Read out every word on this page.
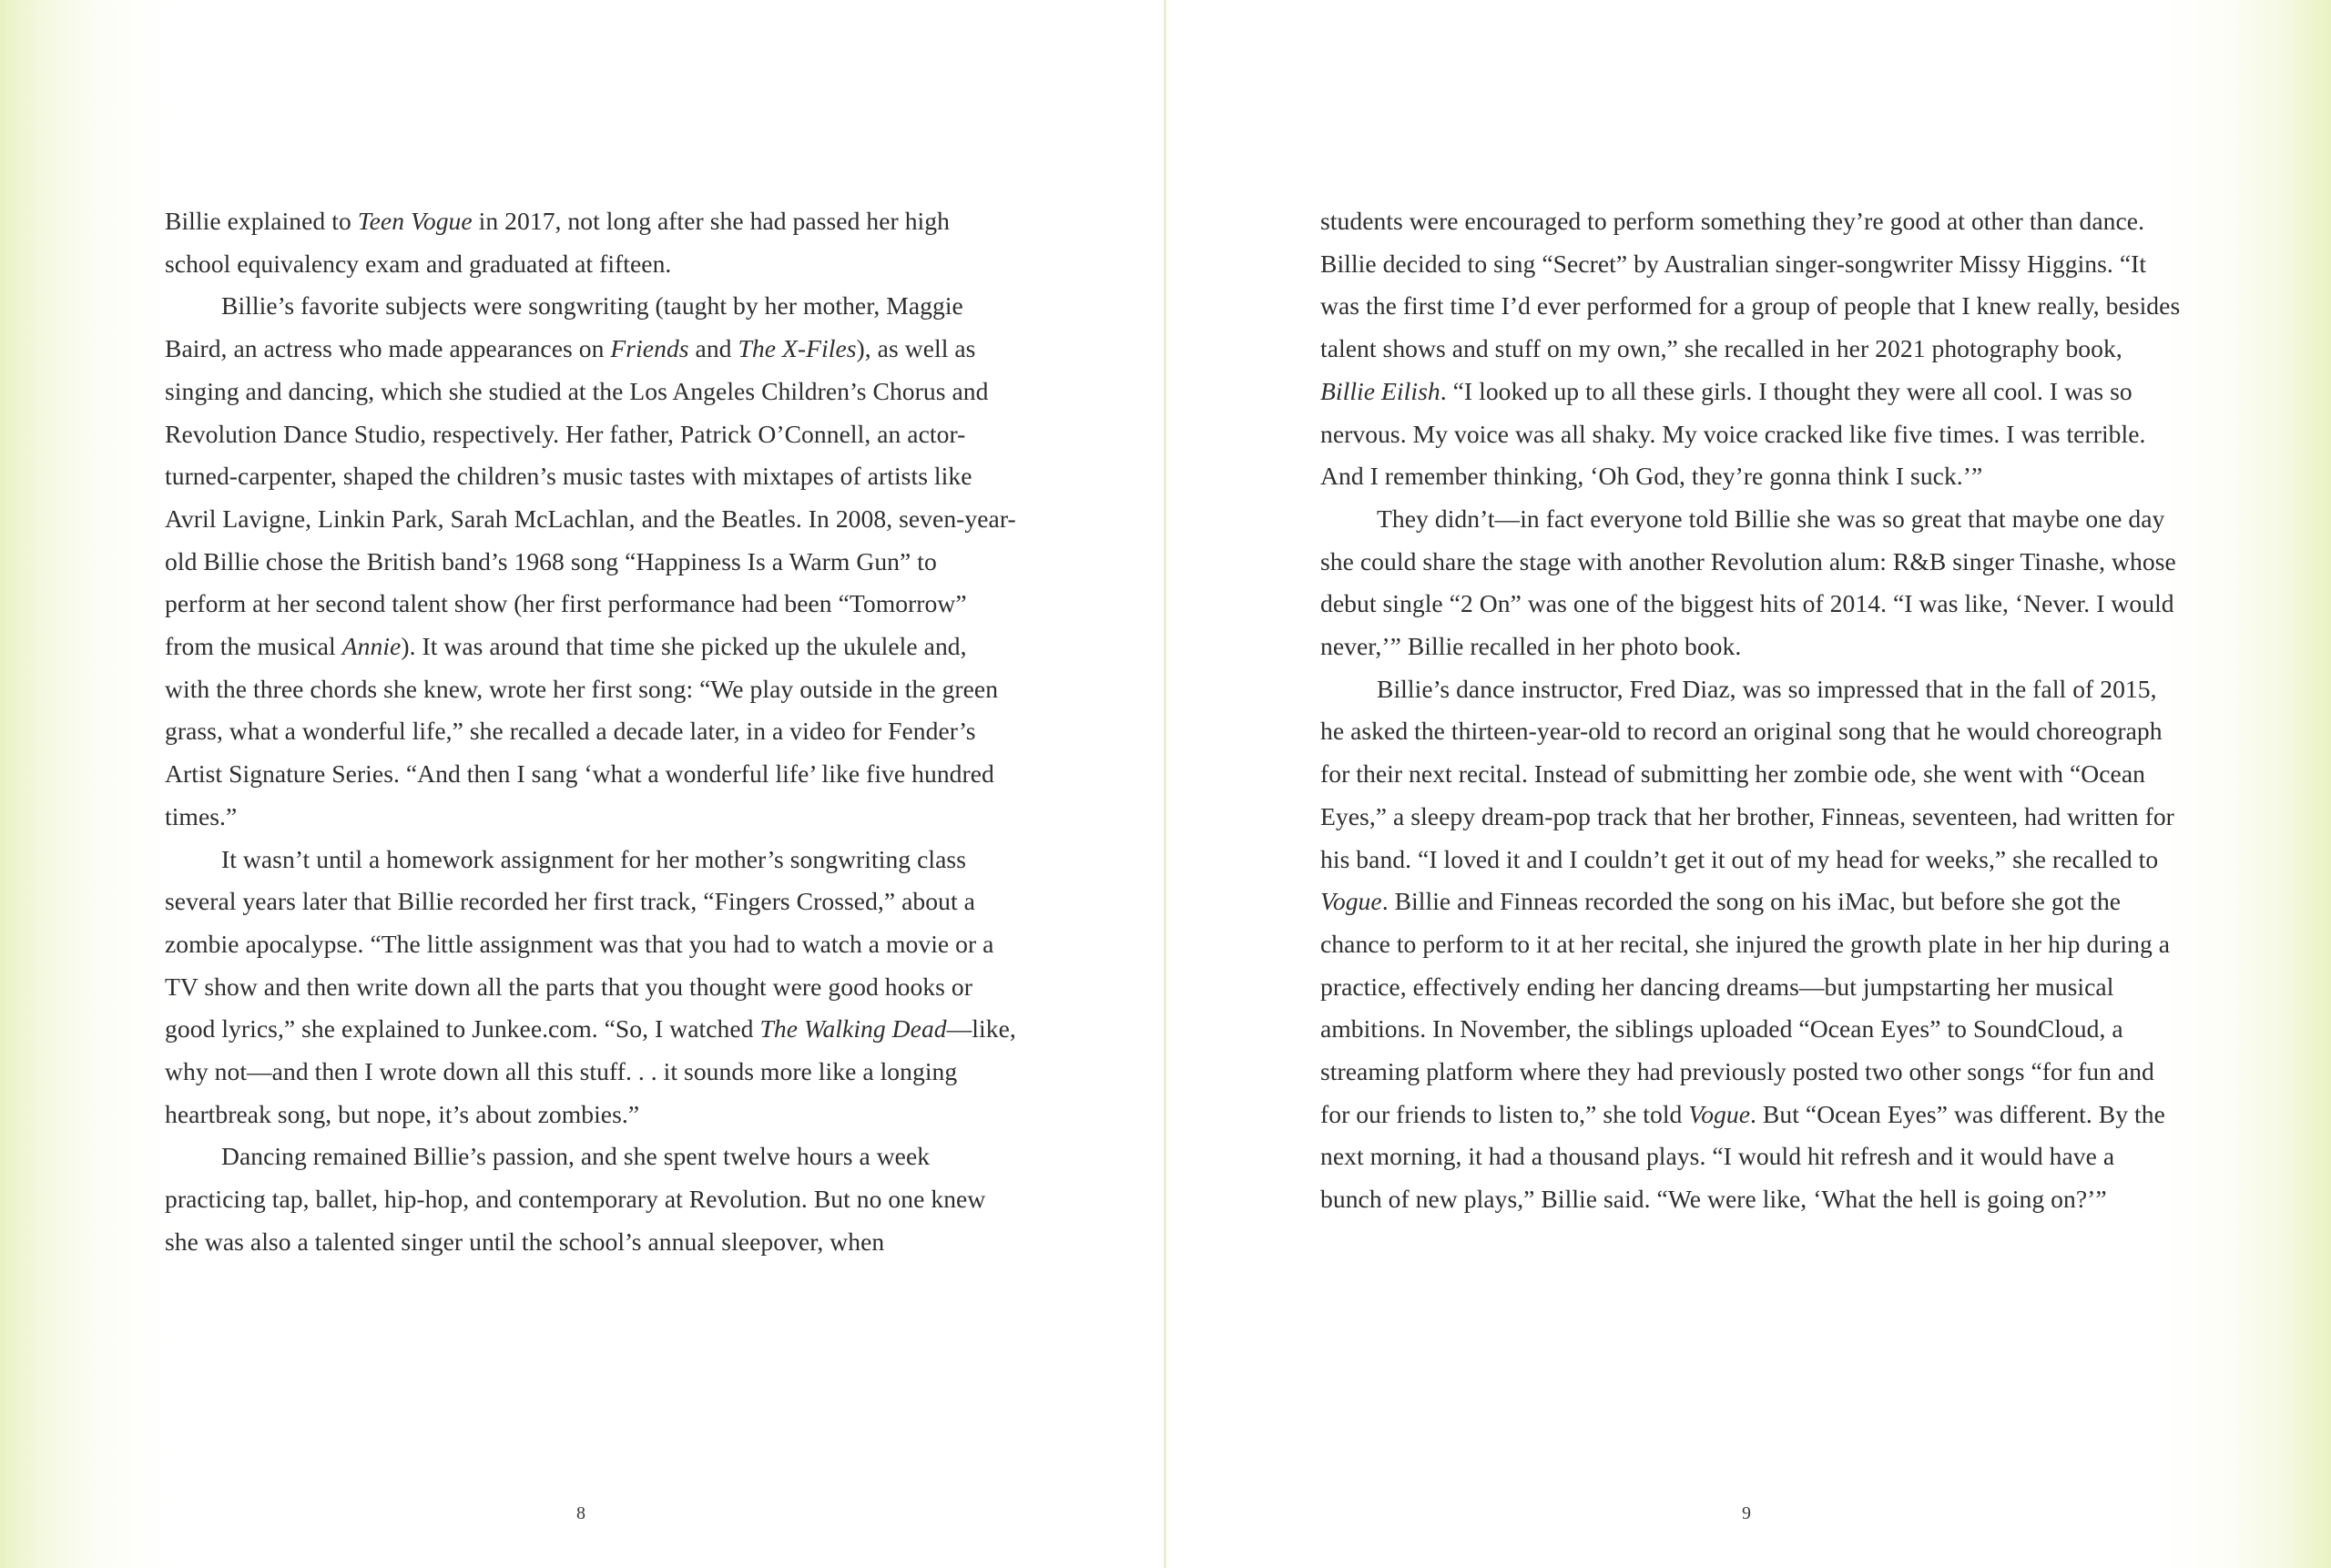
Billie explained to Teen Vogue in 2017, not long after she had passed her high school equivalency exam and graduated at fifteen.

Billie’s favorite subjects were songwriting (taught by her mother, Maggie Baird, an actress who made appearances on Friends and The X-Files), as well as singing and dancing, which she studied at the Los Angeles Children’s Chorus and Revolution Dance Studio, respectively. Her father, Patrick O’Connell, an actor-turned-carpenter, shaped the children’s music tastes with mixtapes of artists like Avril Lavigne, Linkin Park, Sarah McLachlan, and the Beatles. In 2008, seven-year-old Billie chose the British band’s 1968 song “Happiness Is a Warm Gun” to perform at her second talent show (her first performance had been “Tomorrow” from the musical Annie). It was around that time she picked up the ukulele and, with the three chords she knew, wrote her first song: “We play outside in the green grass, what a wonderful life,” she recalled a decade later, in a video for Fender’s Artist Signature Series. “And then I sang ‘what a wonderful life’ like five hundred times.”

It wasn’t until a homework assignment for her mother’s songwriting class several years later that Billie recorded her first track, “Fingers Crossed,” about a zombie apocalypse. “The little assignment was that you had to watch a movie or a TV show and then write down all the parts that you thought were good hooks or good lyrics,” she explained to Junkee.com. “So, I watched The Walking Dead—like, why not—and then I wrote down all this stuff. . . it sounds more like a longing heartbreak song, but nope, it’s about zombies.”

Dancing remained Billie’s passion, and she spent twelve hours a week practicing tap, ballet, hip-hop, and contemporary at Revolution. But no one knew she was also a talented singer until the school’s annual sleepover, when

8

students were encouraged to perform something they’re good at other than dance. Billie decided to sing “Secret” by Australian singer-songwriter Missy Higgins. “It was the first time I’d ever performed for a group of people that I knew really, besides talent shows and stuff on my own,” she recalled in her 2021 photography book, Billie Eilish. “I looked up to all these girls. I thought they were all cool. I was so nervous. My voice was all shaky. My voice cracked like five times. I was terrible. And I remember thinking, ‘Oh God, they’re gonna think I suck.’”

They didn’t—in fact everyone told Billie she was so great that maybe one day she could share the stage with another Revolution alum: R&B singer Tinashe, whose debut single “2 On” was one of the biggest hits of 2014. “I was like, ‘Never. I would never,’” Billie recalled in her photo book.

Billie’s dance instructor, Fred Diaz, was so impressed that in the fall of 2015, he asked the thirteen-year-old to record an original song that he would choreograph for their next recital. Instead of submitting her zombie ode, she went with “Ocean Eyes,” a sleepy dream-pop track that her brother, Finneas, seventeen, had written for his band. “I loved it and I couldn’t get it out of my head for weeks,” she recalled to Vogue. Billie and Finneas recorded the song on his iMac, but before she got the chance to perform to it at her recital, she injured the growth plate in her hip during a practice, effectively ending her dancing dreams—but jumpstarting her musical ambitions. In November, the siblings uploaded “Ocean Eyes” to SoundCloud, a streaming platform where they had previously posted two other songs “for fun and for our friends to listen to,” she told Vogue. But “Ocean Eyes” was different. By the next morning, it had a thousand plays. “I would hit refresh and it would have a bunch of new plays,” Billie said. “We were like, ‘What the hell is going on?’”

9
